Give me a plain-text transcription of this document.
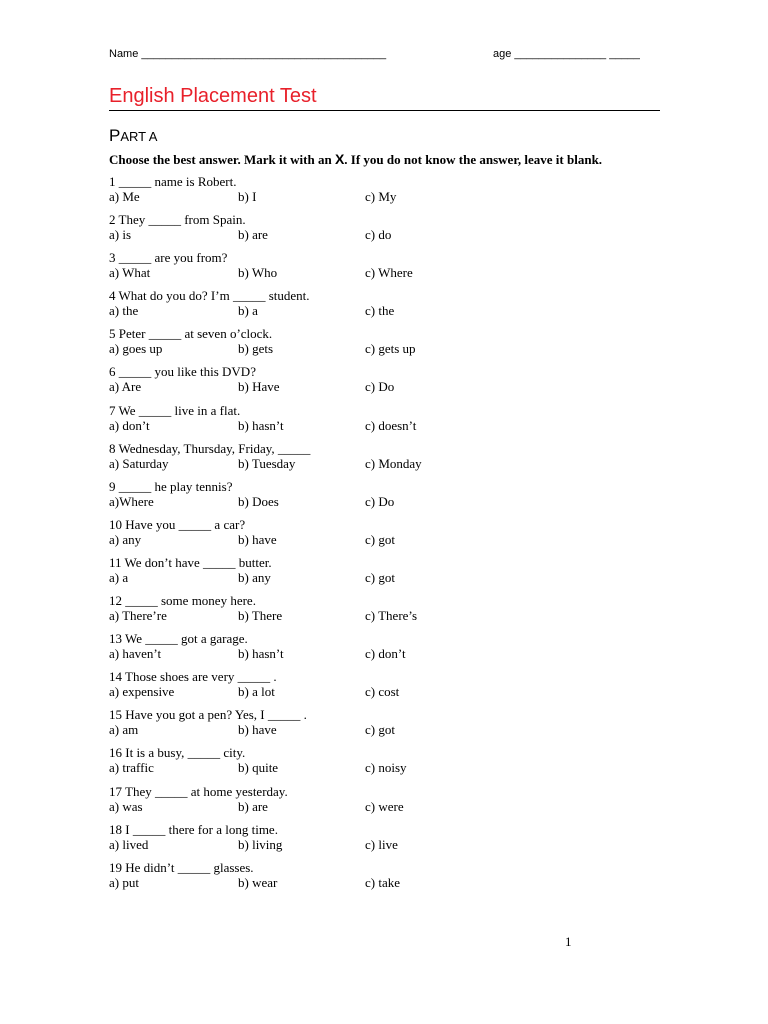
Name ________________________________________	age _______________ _____
English Placement Test
PART A
Choose the best answer. Mark it with an X. If you do not know the answer, leave it blank.
1 _____ name is Robert.
a) Me	b) I	c) My
2 They _____ from Spain.
a) is	b) are	c) do
3 _____ are you from?
a) What	b) Who	c) Where
4 What do you do? I’m _____ student.
a) the	b) a	c) the
5 Peter _____ at seven o’clock.
a) goes up	b) gets	c) gets up
6 _____ you like this DVD?
a) Are	b) Have	c) Do
7 We _____ live in a flat.
a) don’t	b) hasn’t	c) doesn’t
8 Wednesday, Thursday, Friday, _____
a) Saturday	b) Tuesday	c) Monday
9 _____ he play tennis?
a)Where	b) Does	c) Do
10 Have you _____ a car?
a) any	b) have	c) got
11 We don’t have _____ butter.
a) a	b) any	c) got
12 _____ some money here.
a) There’re	b) There	c) There’s
13 We _____ got a garage.
a) haven’t	b) hasn’t	c) don’t
14 Those shoes are very _____ .
a) expensive	b) a lot	c) cost
15 Have you got a pen? Yes, I _____ .
a) am	b) have	c) got
16 It is a busy, _____ city.
a) traffic	b) quite	c) noisy
17 They _____ at home yesterday.
a) was	b) are	c) were
18 I _____ there for a long time.
a) lived	b) living	c) live
19 He didn’t _____ glasses.
a) put	b) wear	c) take
1
